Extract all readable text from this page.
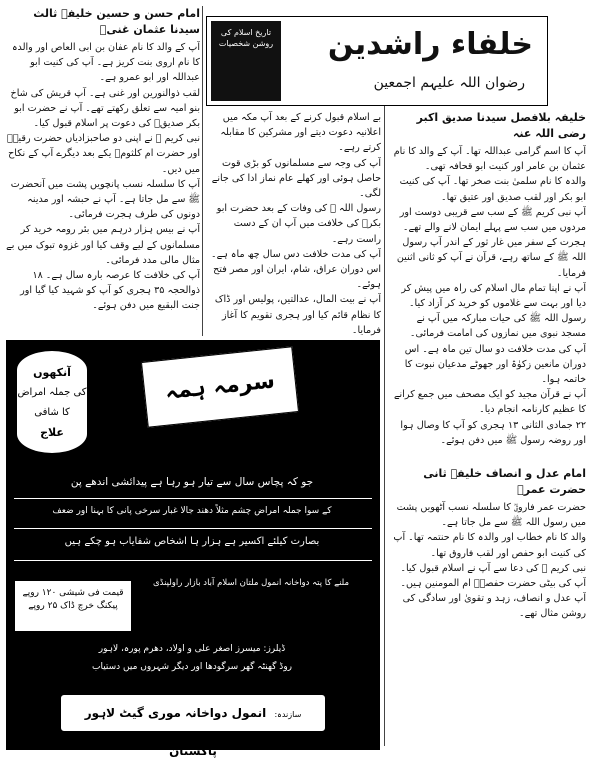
تاریخ اسلام کی روشن شخصیات خلفاء راشدین
رضوان اللہ علیہم اجمعین

امام حسن و حسین خلیفہ ثالث سیدنا عثمان غنیؓ

آپ کے والد کا نام عفان بن ابی العاص اور والدہ کا نام اروی بنت کریز ہے۔ آپ کی کنیت ابو عبداللہ اور ابو عمرو ہے۔

لقب ذوالنورین اور غنی ہے۔ آپ قریش کی شاخ بنو امیہ سے تعلق رکھتے تھے۔ آپ نے حضرت ابو بکر صدیقؓ کی دعوت پر اسلام قبول کیا۔

نبی کریم ﷺ نے اپنی دو صاحبزادیاں حضرت رقیہؓ اور حضرت ام کلثومؓ یکے بعد دیگرے آپ کے نکاح میں دیں۔

آپ کا سلسلہ نسب پانچویں پشت میں آنحضرت ﷺ سے مل جاتا ہے۔ آپ نے حبشہ اور مدینہ دونوں کی طرف ہجرت فرمائی۔

آپ نے بیس ہزار درہم میں بئر رومہ خرید کر مسلمانوں کے لیے وقف کیا اور غزوہ تبوک میں بے مثال مالی مدد فرمائی۔

آپ کی خلافت کا عرصہ بارہ سال ہے۔ ۱۸ ذوالحجہ ۳۵ ہجری کو آپ کو شہید کیا گیا اور جنت البقیع میں دفن ہوئے۔

بے اسلام قبول کرنے کے بعد آپ مکہ میں اعلانیہ دعوت دیتے اور مشرکین کا مقابلہ کرتے رہے۔

آپ کی وجہ سے مسلمانوں کو بڑی قوت حاصل ہوئی اور کھلے عام نماز ادا کی جانے لگی۔

رسول اللہ ﷺ کی وفات کے بعد حضرت ابو بکرؓ کی خلافت میں آپ ان کے دست راست رہے۔

آپ کی مدت خلافت دس سال چھ ماہ ہے۔ اس دوران عراق، شام، ایران اور مصر فتح ہوئے۔

آپ نے بیت المال، عدالتیں، پولیس اور ڈاک کا نظام قائم کیا اور ہجری تقویم کا آغاز فرمایا۔

خلیفہ بلافصل سیدنا صدیق اکبر رضی اللہ عنہ

آپ کا اسم گرامی عبداللہ تھا۔ آپ کے والد کا نام عثمان بن عامر اور کنیت ابو قحافہ تھی۔

والدہ کا نام سلمیٰ بنت صخر تھا۔ آپ کی کنیت ابو بکر اور لقب صدیق اور عتیق تھا۔

آپ نبی کریم ﷺ کے سب سے قریبی دوست اور مردوں میں سب سے پہلے ایمان لانے والے تھے۔

ہجرت کے سفر میں غار ثور کے اندر آپ رسول اللہ ﷺ کے ساتھ رہے، قرآن نے آپ کو ثانی اثنین فرمایا۔

آپ نے اپنا تمام مال اسلام کی راہ میں پیش کر دیا اور بہت سے غلاموں کو خرید کر آزاد کیا۔

رسول اللہ ﷺ کی حیات مبارکہ میں آپ نے مسجد نبوی میں نمازوں کی امامت فرمائی۔

آپ کی مدت خلافت دو سال تین ماہ ہے۔ اس دوران مانعین زکوٰۃ اور جھوٹے مدعیان نبوت کا خاتمہ ہوا۔

آپ نے قرآن مجید کو ایک مصحف میں جمع کرانے کا عظیم کارنامہ انجام دیا۔

۲۲ جمادی الثانی ۱۳ ہجری کو آپ کا وصال ہوا اور روضہ رسول ﷺ میں دفن ہوئے۔

امام عدل و انصاف خلیفہ ثانی حضرت عمرؓ

حضرت عمر فاروقؓ کا سلسلہ نسب آٹھویں پشت میں رسول اللہ ﷺ سے مل جاتا ہے۔

والد کا نام خطاب اور والدہ کا نام حنتمہ تھا۔ آپ کی کنیت ابو حفص اور لقب فاروق تھا۔

نبی کریم ﷺ کی دعا سے آپ نے اسلام قبول کیا۔ آپ کی بیٹی حضرت حفصہؓ ام المومنین ہیں۔

آپ عدل و انصاف، زہد و تقویٰ اور سادگی کی روشن مثال تھے۔

آنکھوں
کی جملہ امراض
کا شافی
علاج
سرمہ ہمہ پہلا ممیرا
جو کہ پچاس سال سے تیار ہو رہا ہے پیدائشی اندھے پن
کے سوا جملہ امراض چشم مثلاً دھند جالا غبار سرخی پانی کا بہنا اور ضعف
بصارت کیلئے اکسیر ہے ہزار ہا اشخاص شفایاب ہو چکے ہیں
ملنے کا پتہ دواخانہ انمول ملتان اسلام آباد بازار راولپنڈی
قیمت فی شیشی ۱۲۰ روپے پیکنگ خرچ ڈاک ۲۵ روپے
ڈیلرز: میسرز اصغر علی و اولاد، دھرم پورہ، لاہور
روڈ گھنٹہ گھر سرگودھا اور دیگر شہروں میں دستیاب
سازندہ: انمول دواخانہ موری گیٹ لاہور پاکستان
